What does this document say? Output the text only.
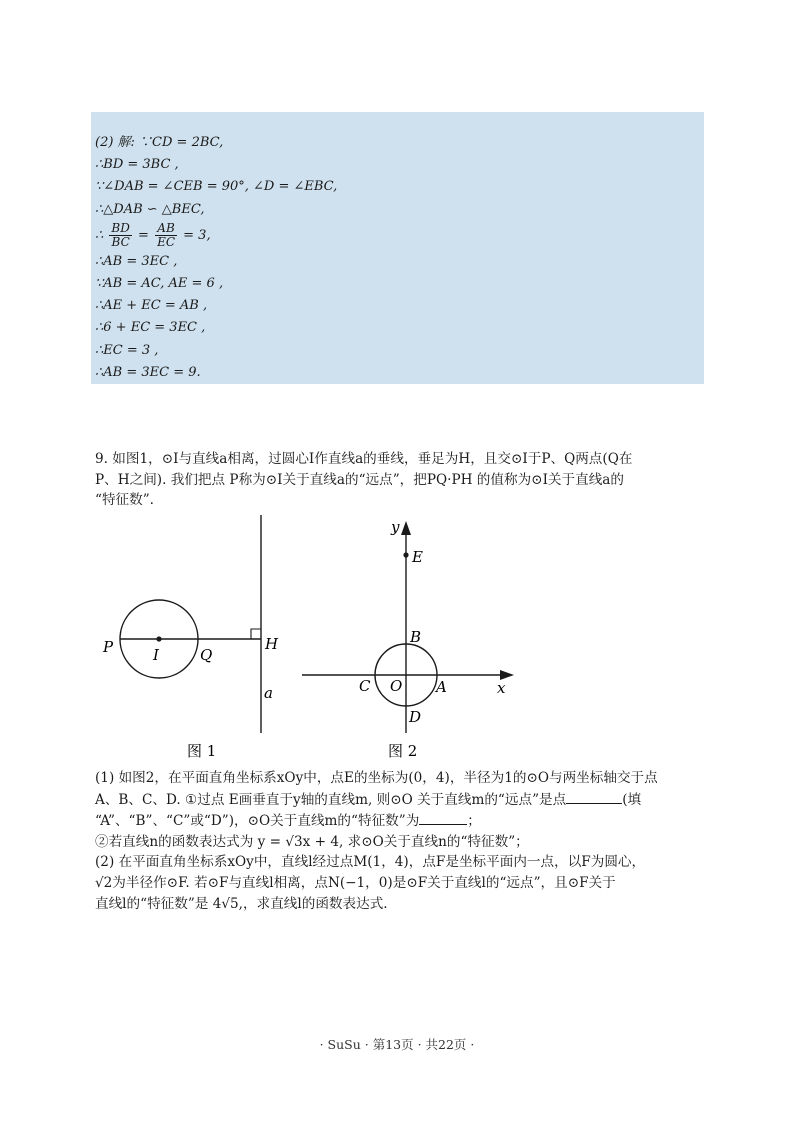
(2) 解: ∵CD = 2BC,
∴BD = 3BC ,
∵∠DAB = ∠CEB = 90°, ∠D = ∠EBC,
∴△DAB ∽ △BEC,
∴ $\frac{BD}{BC} = \frac{AB}{EC} = 3$,
∴AB = 3EC ,
∵AB = AC, AE = 6 ,
∴AE + EC = AB ,
∴6 + EC = 3EC ,
∴EC = 3 ,
∴AB = 3EC = 9.

9. 如图1，⊙I与直线a相离，过圆心I作直线a的垂线，垂足为H，且交⊙I于P、Q两点(Q在

P、H之间). 我们把点 P称为⊙I关于直线a的“远点”，把PQ·PH 的值称为⊙I关于直线a的

“特征数”.

P	I	Q
H
a
图 1
y
E
B
C O A
D
x
图 2

(1) 如图2，在平面直角坐标系xOy中，点E的坐标为(0，4)，半径为1的⊙O与两坐标轴交于点

A、B、C、D. ①过点 E画垂直于y轴的直线m, 则⊙O 关于直线m的“远点”是点	(填

“A”、“B”、“C”或“D”)，⊙O关于直线m的“特征数”为	；

②若直线n的函数表达式为 y = √3x + 4, 求⊙O关于直线n的“特征数”；

(2) 在平面直角坐标系xOy中，直线l经过点M(1，4)，点F是坐标平面内一点，以F为圆心，

√2为半径作⊙F. 若⊙F与直线l相离，点N(−1，0)是⊙F关于直线l的“远点”，且⊙F关于

直线l的“特征数”是 4√5,，求直线l的函数表达式.

· SuSu · 第13页 · 共22页 ·
